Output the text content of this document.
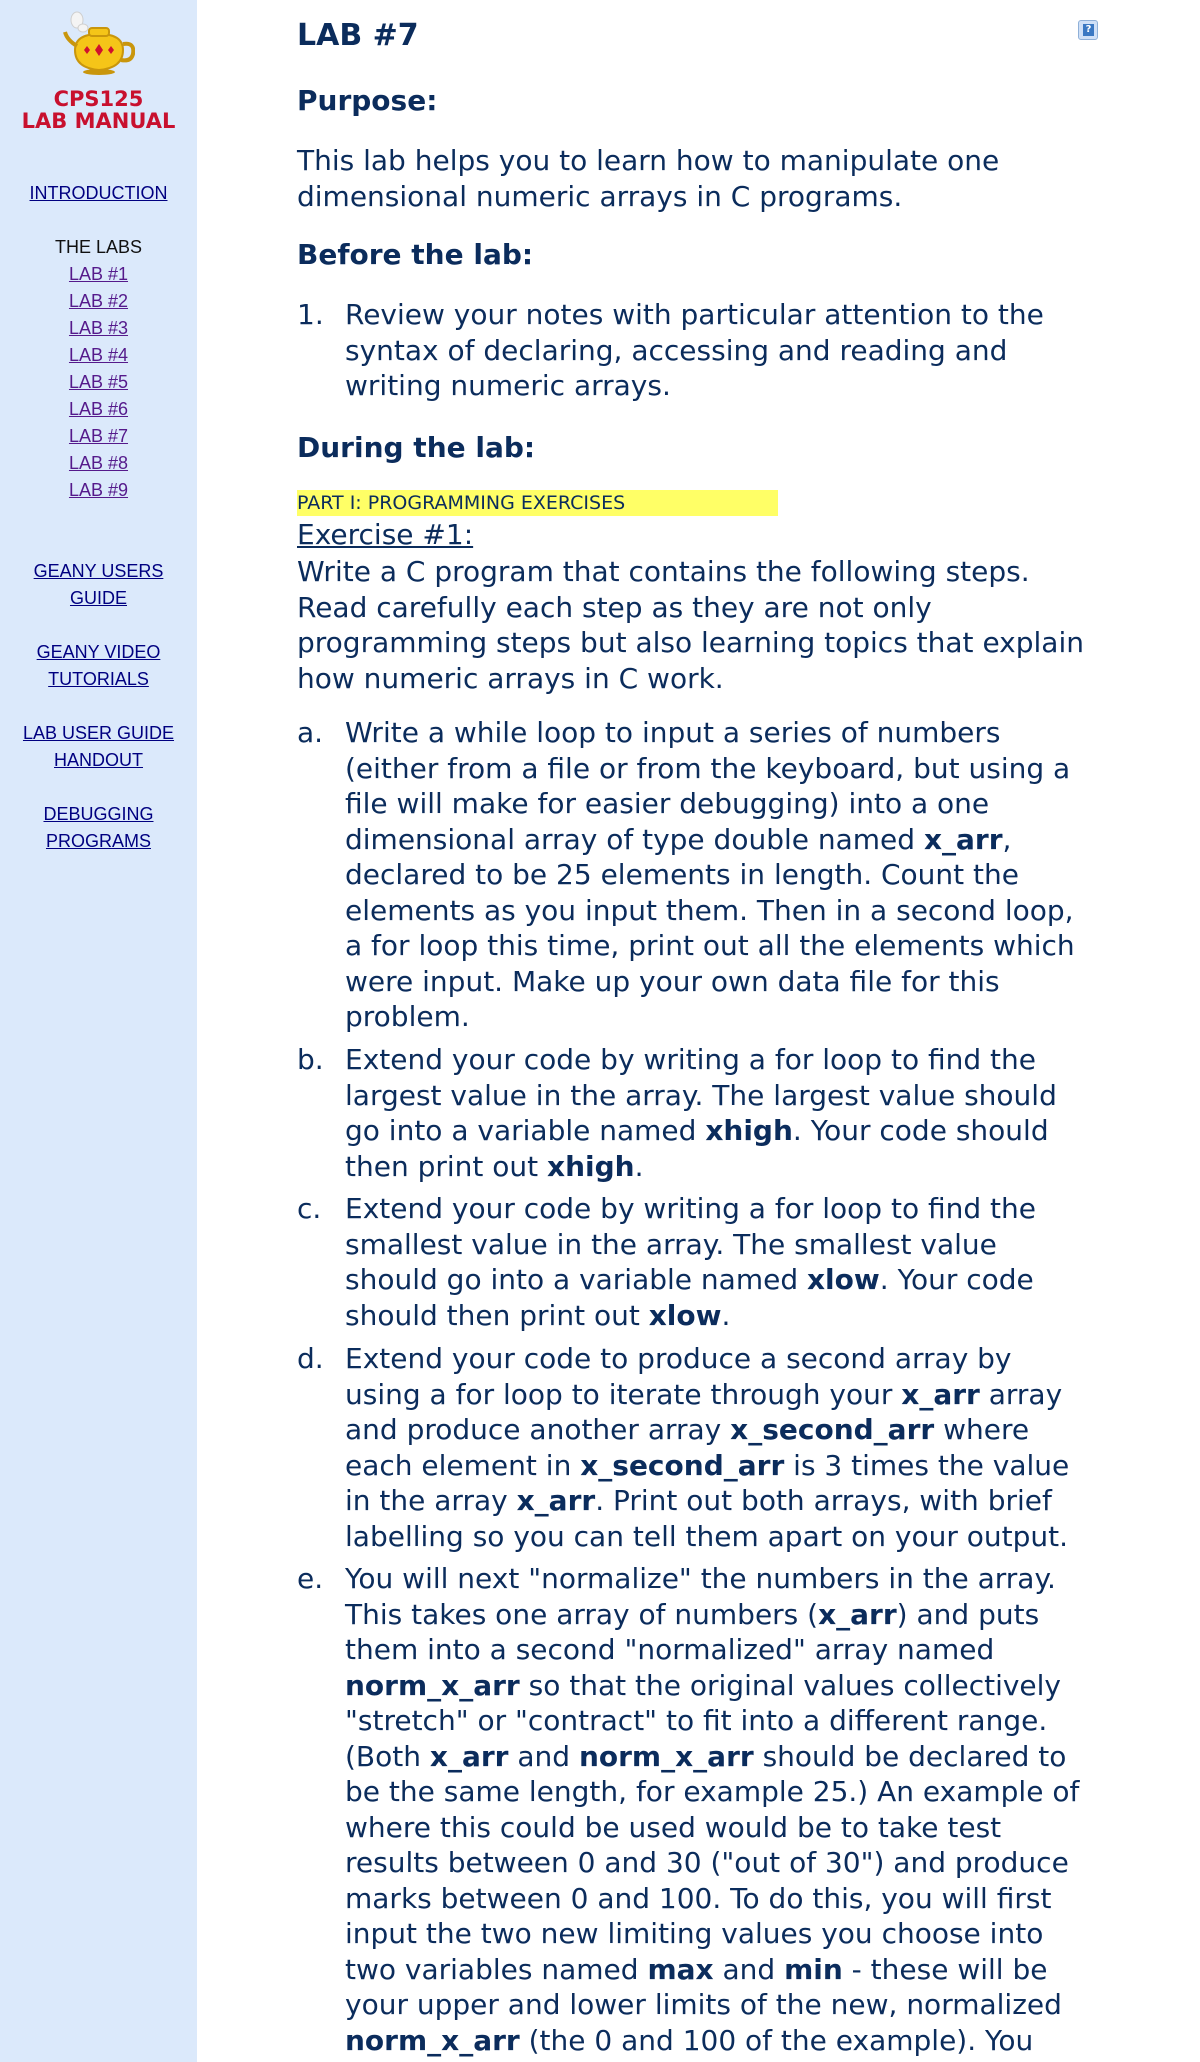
CPS125
LAB MANUAL
INTRODUCTION
THE LABS
LAB #1
LAB #2
LAB #3
LAB #4
LAB #5
LAB #6
LAB #7
LAB #8
LAB #9
GEANY USERS
GUIDE
GEANY VIDEO
TUTORIALS
LAB USER GUIDE
HANDOUT
DEBUGGING
PROGRAMS
?
LAB #7
Purpose:
This lab helps you to learn how to manipulate one
dimensional numeric arrays in C programs.
Before the lab:
1. Review your notes with particular attention to the
syntax of declaring, accessing and reading and
writing numeric arrays.
During the lab:
PART I: PROGRAMMING EXERCISES
Exercise #1:
Write a C program that contains the following steps.
Read carefully each step as they are not only
programming steps but also learning topics that explain
how numeric arrays in C work.
a. Write a while loop to input a series of numbers
(either from a file or from the keyboard, but using a
file will make for easier debugging) into a one
dimensional array of type double named x_arr,
declared to be 25 elements in length. Count the
elements as you input them. Then in a second loop,
a for loop this time, print out all the elements which
were input. Make up your own data file for this
problem.
b. Extend your code by writing a for loop to find the
largest value in the array. The largest value should
go into a variable named xhigh. Your code should
then print out xhigh.
c. Extend your code by writing a for loop to find the
smallest value in the array. The smallest value
should go into a variable named xlow. Your code
should then print out xlow.
d. Extend your code to produce a second array by
using a for loop to iterate through your x_arr array
and produce another array x_second_arr where
each element in x_second_arr is 3 times the value
in the array x_arr. Print out both arrays, with brief
labelling so you can tell them apart on your output.
e. You will next "normalize" the numbers in the array.
This takes one array of numbers (x_arr) and puts
them into a second "normalized" array named
norm_x_arr so that the original values collectively
"stretch" or "contract" to fit into a different range.
(Both x_arr and norm_x_arr should be declared to
be the same length, for example 25.) An example of
where this could be used would be to take test
results between 0 and 30 ("out of 30") and produce
marks between 0 and 100. To do this, you will first
input the two new limiting values you choose into
two variables named max and min - these will be
your upper and lower limits of the new, normalized
norm_x_arr (the 0 and 100 of the example). You
